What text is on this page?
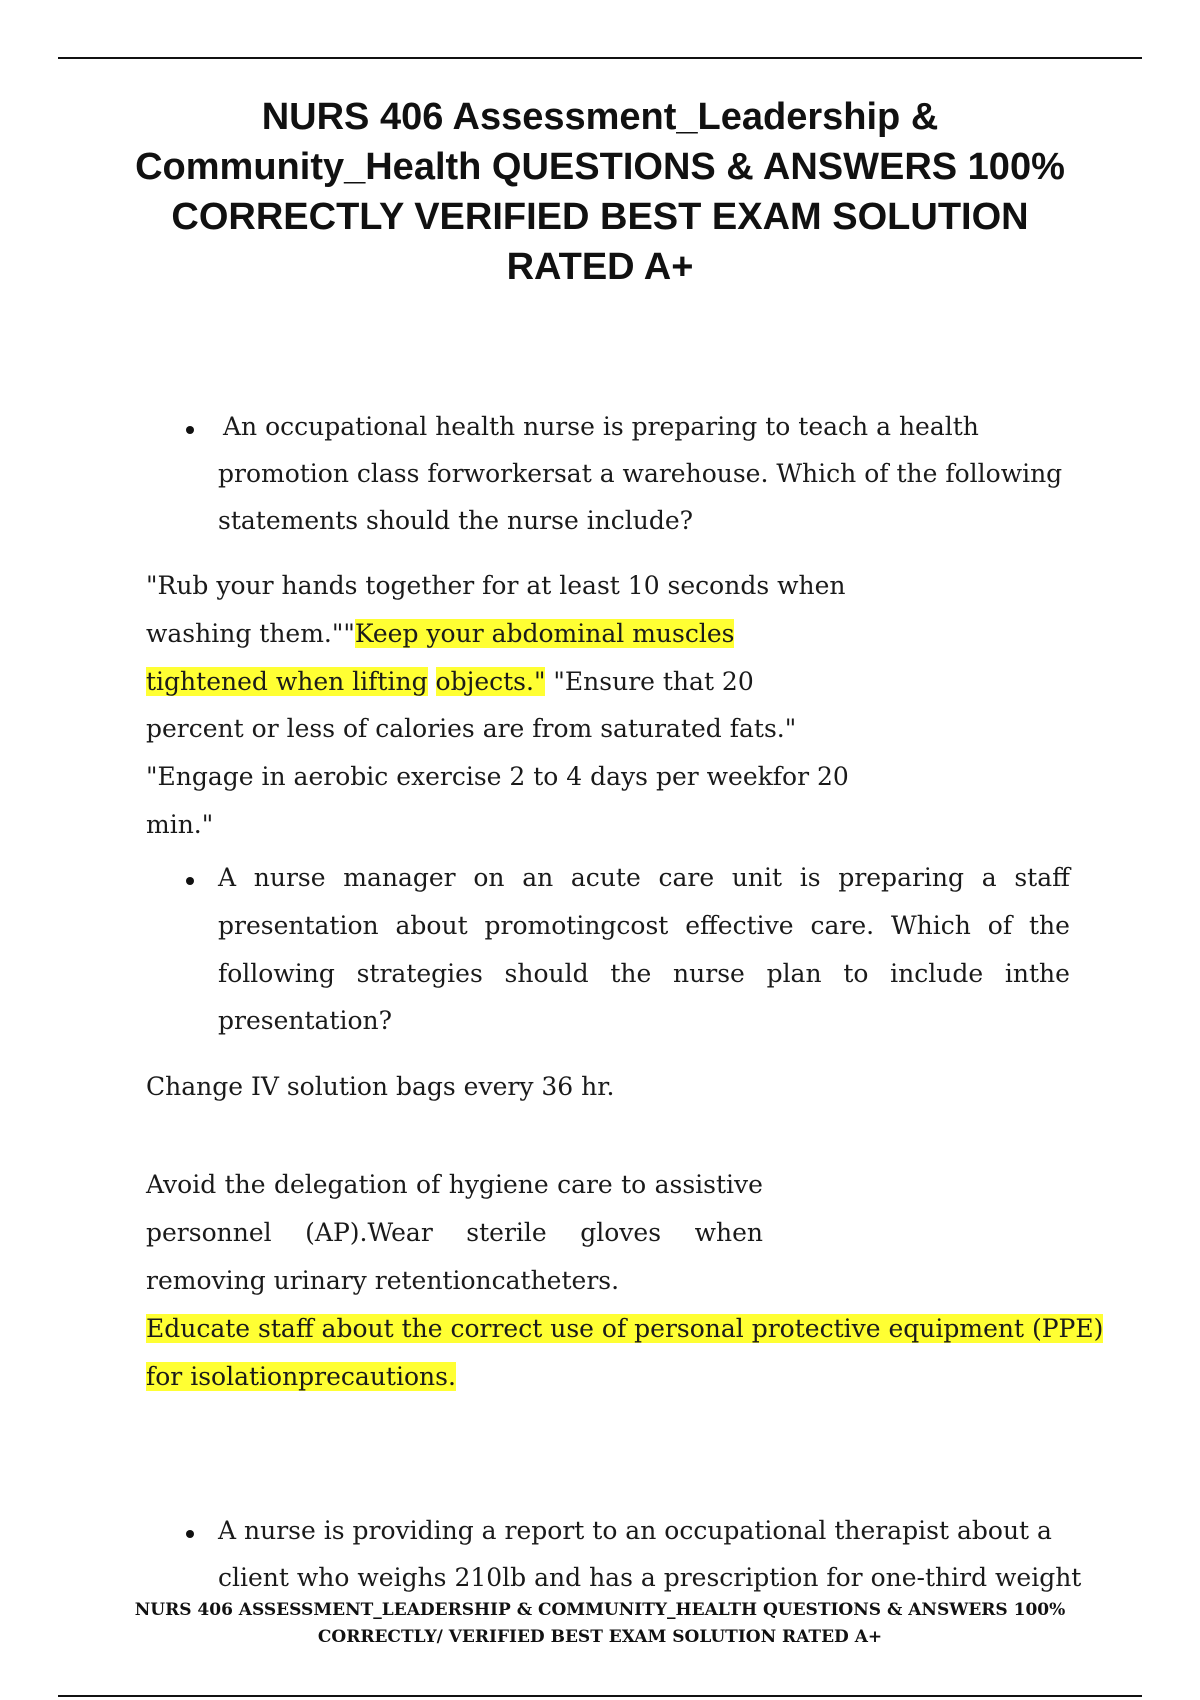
NURS 406 Assessment_Leadership &
Community_Health QUESTIONS & ANSWERS 100%
CORRECTLY VERIFIED BEST EXAM SOLUTION
RATED A+
An occupational health nurse is preparing to teach a health
promotion class forworkersat a warehouse. Which of the following
statements should the nurse include?
"Rub your hands together for at least 10 seconds when
washing them.""Keep your abdominal muscles
tightened when lifting objects." "Ensure that 20
percent or less of calories are from saturated fats."
"Engage in aerobic exercise 2 to 4 days per weekfor 20
min."
A nurse manager on an acute care unit is preparing a staff
presentation about promotingcost effective care. Which of the
following strategies should the nurse plan to include inthe
presentation?
Change IV solution bags every 36 hr.
Avoid the delegation of hygiene care to assistive
personnel (AP).Wear sterile gloves when
removing urinary retentioncatheters.
Educate staff about the correct use of personal protective equipment (PPE)
for isolationprecautions.
A nurse is providing a report to an occupational therapist about a
client who weighs 210lb and has a prescription for one-third weight
NURS 406 ASSESSMENT_LEADERSHIP & COMMUNITY_HEALTH QUESTIONS & ANSWERS 100%
CORRECTLY/ VERIFIED BEST EXAM SOLUTION RATED A+
